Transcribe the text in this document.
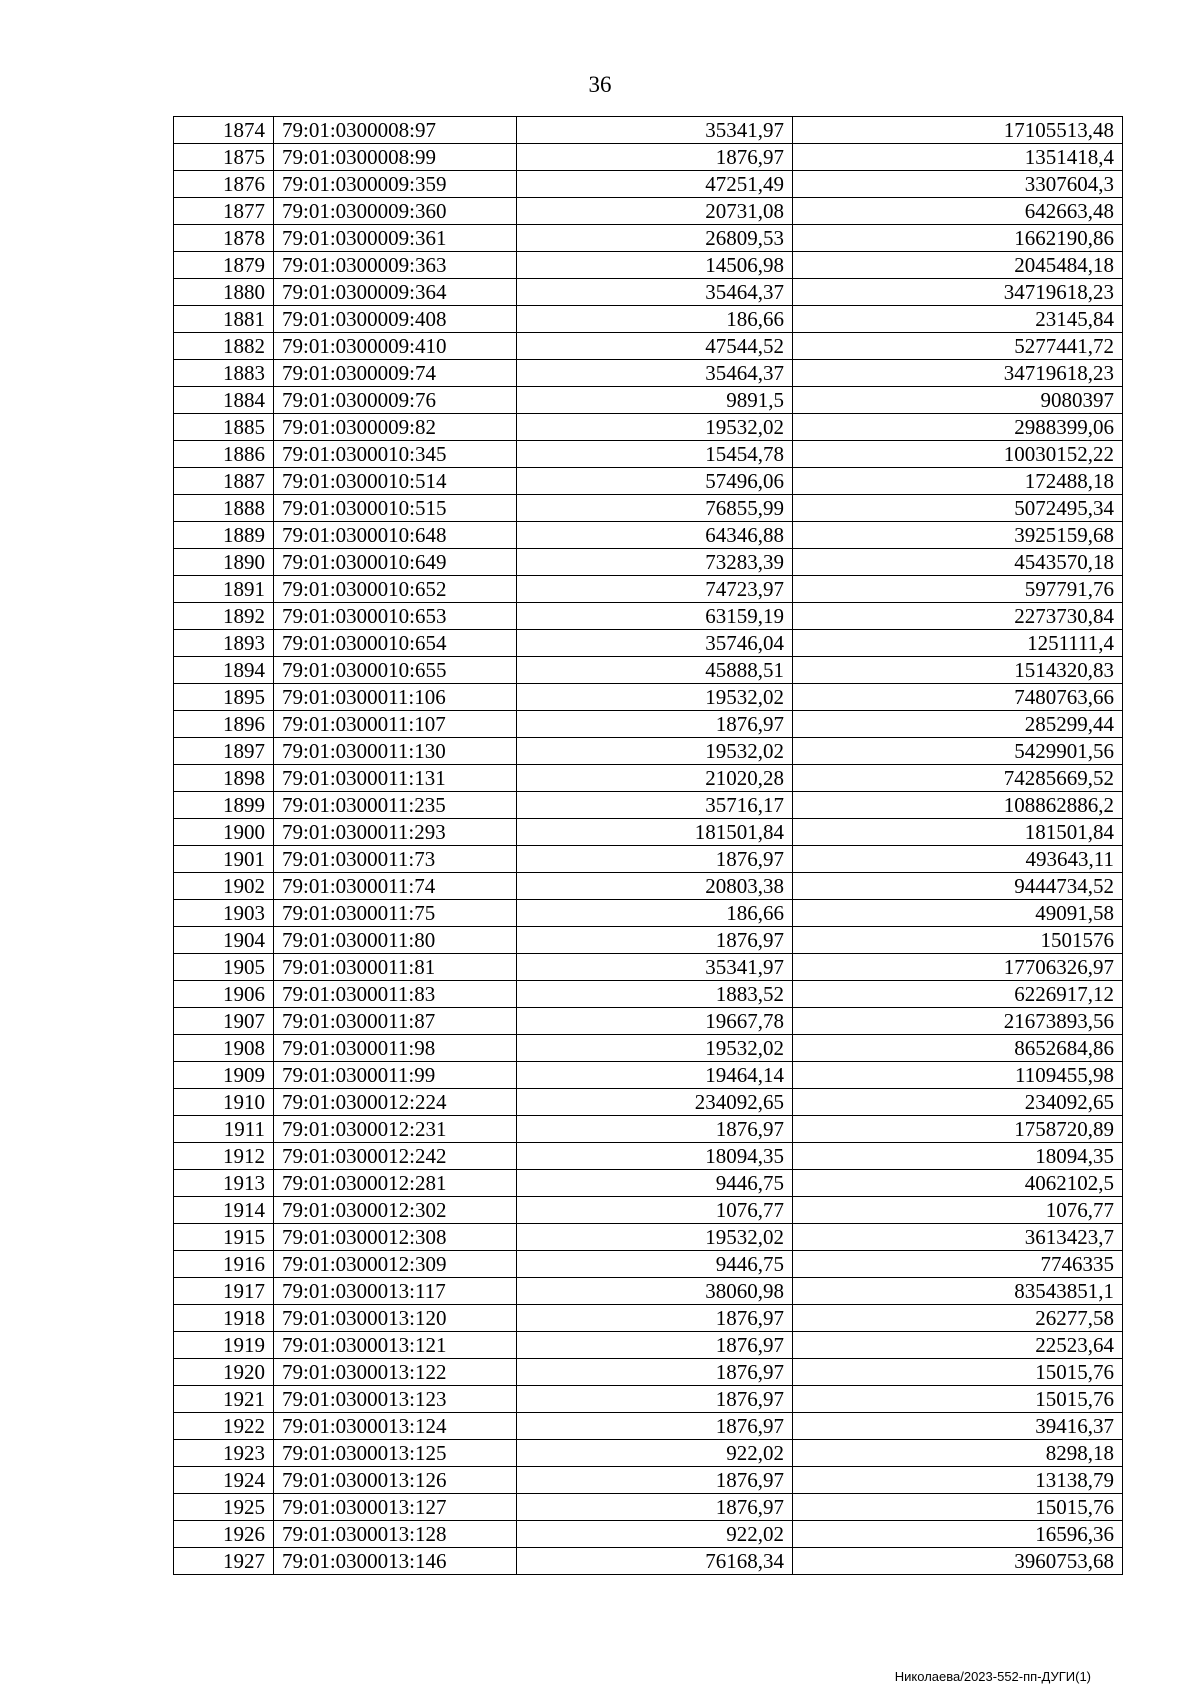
36
1874	79:01:0300008:97	35341,97	17105513,48
1875	79:01:0300008:99	1876,97	1351418,4
1876	79:01:0300009:359	47251,49	3307604,3
1877	79:01:0300009:360	20731,08	642663,48
1878	79:01:0300009:361	26809,53	1662190,86
1879	79:01:0300009:363	14506,98	2045484,18
1880	79:01:0300009:364	35464,37	34719618,23
1881	79:01:0300009:408	186,66	23145,84
1882	79:01:0300009:410	47544,52	5277441,72
1883	79:01:0300009:74	35464,37	34719618,23
1884	79:01:0300009:76	9891,5	9080397
1885	79:01:0300009:82	19532,02	2988399,06
1886	79:01:0300010:345	15454,78	10030152,22
1887	79:01:0300010:514	57496,06	172488,18
1888	79:01:0300010:515	76855,99	5072495,34
1889	79:01:0300010:648	64346,88	3925159,68
1890	79:01:0300010:649	73283,39	4543570,18
1891	79:01:0300010:652	74723,97	597791,76
1892	79:01:0300010:653	63159,19	2273730,84
1893	79:01:0300010:654	35746,04	1251111,4
1894	79:01:0300010:655	45888,51	1514320,83
1895	79:01:0300011:106	19532,02	7480763,66
1896	79:01:0300011:107	1876,97	285299,44
1897	79:01:0300011:130	19532,02	5429901,56
1898	79:01:0300011:131	21020,28	74285669,52
1899	79:01:0300011:235	35716,17	108862886,2
1900	79:01:0300011:293	181501,84	181501,84
1901	79:01:0300011:73	1876,97	493643,11
1902	79:01:0300011:74	20803,38	9444734,52
1903	79:01:0300011:75	186,66	49091,58
1904	79:01:0300011:80	1876,97	1501576
1905	79:01:0300011:81	35341,97	17706326,97
1906	79:01:0300011:83	1883,52	6226917,12
1907	79:01:0300011:87	19667,78	21673893,56
1908	79:01:0300011:98	19532,02	8652684,86
1909	79:01:0300011:99	19464,14	1109455,98
1910	79:01:0300012:224	234092,65	234092,65
1911	79:01:0300012:231	1876,97	1758720,89
1912	79:01:0300012:242	18094,35	18094,35
1913	79:01:0300012:281	9446,75	4062102,5
1914	79:01:0300012:302	1076,77	1076,77
1915	79:01:0300012:308	19532,02	3613423,7
1916	79:01:0300012:309	9446,75	7746335
1917	79:01:0300013:117	38060,98	83543851,1
1918	79:01:0300013:120	1876,97	26277,58
1919	79:01:0300013:121	1876,97	22523,64
1920	79:01:0300013:122	1876,97	15015,76
1921	79:01:0300013:123	1876,97	15015,76
1922	79:01:0300013:124	1876,97	39416,37
1923	79:01:0300013:125	922,02	8298,18
1924	79:01:0300013:126	1876,97	13138,79
1925	79:01:0300013:127	1876,97	15015,76
1926	79:01:0300013:128	922,02	16596,36
1927	79:01:0300013:146	76168,34	3960753,68
Николаева/2023-552-пп-ДУГИ(1)
